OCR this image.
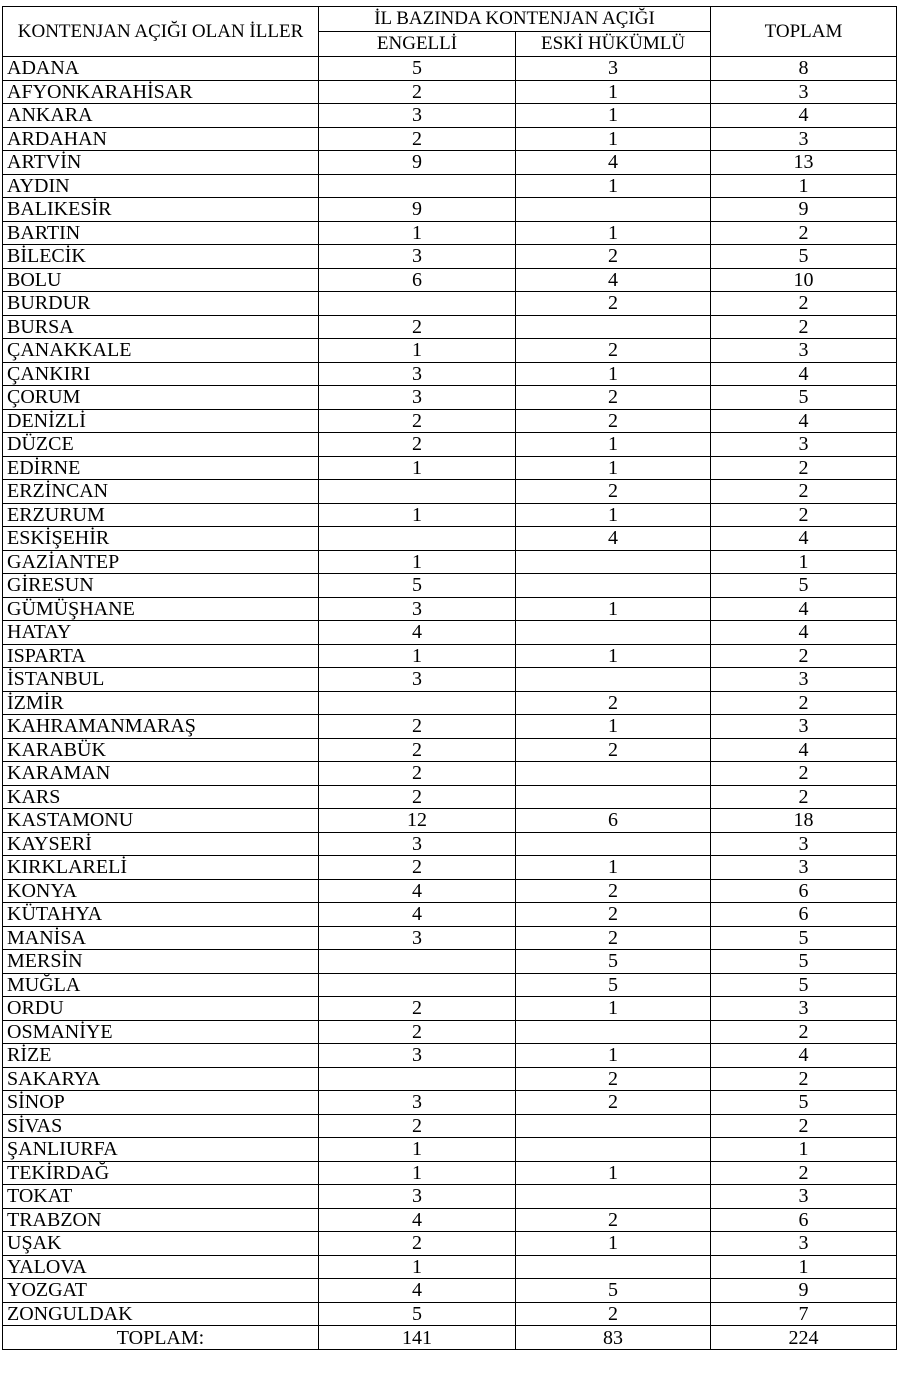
KONTENJAN AÇIĞI OLAN İLLER	İL BAZINDA KONTENJAN AÇIĞI		TOPLAM
	ENGELLİ	ESKİ HÜKÜMLÜ	
ADANA	5	3	8
AFYONKARAHİSAR	2	1	3
ANKARA	3	1	4
ARDAHAN	2	1	3
ARTVİN	9	4	13
AYDIN		1	1
BALIKESİR	9		9
BARTIN	1	1	2
BİLECİK	3	2	5
BOLU	6	4	10
BURDUR		2	2
BURSA	2		2
ÇANAKKALE	1	2	3
ÇANKIRI	3	1	4
ÇORUM	3	2	5
DENİZLİ	2	2	4
DÜZCE	2	1	3
EDİRNE	1	1	2
ERZİNCAN		2	2
ERZURUM	1	1	2
ESKİŞEHİR		4	4
GAZİANTEP	1		1
GİRESUN	5		5
GÜMÜŞHANE	3	1	4
HATAY	4		4
ISPARTA	1	1	2
İSTANBUL	3		3
İZMİR		2	2
KAHRAMANMARAŞ	2	1	3
KARABÜK	2	2	4
KARAMAN	2		2
KARS	2		2
KASTAMONU	12	6	18
KAYSERİ	3		3
KIRKLARELİ	2	1	3
KONYA	4	2	6
KÜTAHYA	4	2	6
MANİSA	3	2	5
MERSİN		5	5
MUĞLA		5	5
ORDU	2	1	3
OSMANİYE	2		2
RİZE	3	1	4
SAKARYA		2	2
SİNOP	3	2	5
SİVAS	2		2
ŞANLIURFA	1		1
TEKİRDAĞ	1	1	2
TOKAT	3		3
TRABZON	4	2	6
UŞAK	2	1	3
YALOVA	1		1
YOZGAT	4	5	9
ZONGULDAK	5	2	7
TOPLAM:	141	83	224
